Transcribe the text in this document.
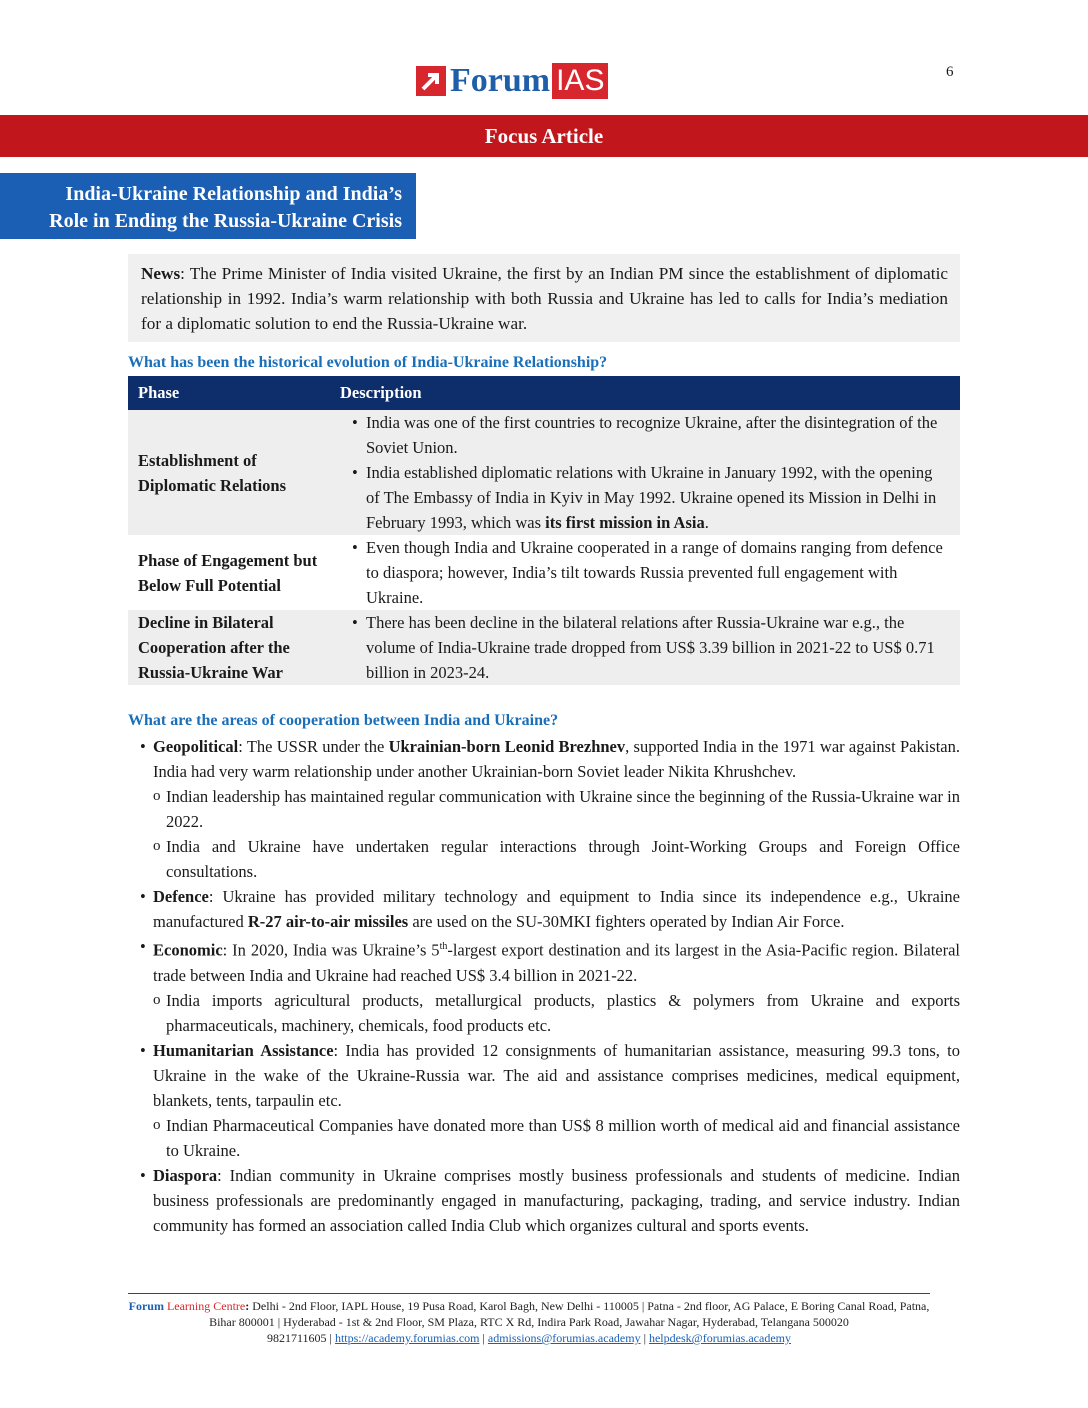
Forum IAS	6
Focus Article
India-Ukraine Relationship and India’s
Role in Ending the Russia-Ukraine Crisis
News: The Prime Minister of India visited Ukraine, the first by an Indian PM since the establishment of diplomatic relationship in 1992. India’s warm relationship with both Russia and Ukraine has led to calls for India’s mediation for a diplomatic solution to end the Russia-Ukraine war.
What has been the historical evolution of India-Ukraine Relationship?
Phase	Description
Establishment of Diplomatic Relations
• India was one of the first countries to recognize Ukraine, after the disintegration of the Soviet Union.
• India established diplomatic relations with Ukraine in January 1992, with the opening of The Embassy of India in Kyiv in May 1992. Ukraine opened its Mission in Delhi in February 1993, which was its first mission in Asia.
Phase of Engagement but Below Full Potential
• Even though India and Ukraine cooperated in a range of domains ranging from defence to diaspora; however, India’s tilt towards Russia prevented full engagement with Ukraine.
Decline in Bilateral Cooperation after the Russia-Ukraine War
• There has been decline in the bilateral relations after Russia-Ukraine war e.g., the volume of India-Ukraine trade dropped from US$ 3.39 billion in 2021-22 to US$ 0.71 billion in 2023-24.
What are the areas of cooperation between India and Ukraine?
• Geopolitical: The USSR under the Ukrainian-born Leonid Brezhnev, supported India in the 1971 war against Pakistan. India had very warm relationship under another Ukrainian-born Soviet leader Nikita Khrushchev.
o Indian leadership has maintained regular communication with Ukraine since the beginning of the Russia-Ukraine war in 2022.
o India and Ukraine have undertaken regular interactions through Joint-Working Groups and Foreign Office consultations.
• Defence: Ukraine has provided military technology and equipment to India since its independence e.g., Ukraine manufactured R-27 air-to-air missiles are used on the SU-30MKI fighters operated by Indian Air Force.
• Economic: In 2020, India was Ukraine’s 5th-largest export destination and its largest in the Asia-Pacific region. Bilateral trade between India and Ukraine had reached US$ 3.4 billion in 2021-22.
o India imports agricultural products, metallurgical products, plastics & polymers from Ukraine and exports pharmaceuticals, machinery, chemicals, food products etc.
• Humanitarian Assistance: India has provided 12 consignments of humanitarian assistance, measuring 99.3 tons, to Ukraine in the wake of the Ukraine-Russia war. The aid and assistance comprises medicines, medical equipment, blankets, tents, tarpaulin etc.
o Indian Pharmaceutical Companies have donated more than US$ 8 million worth of medical aid and financial assistance to Ukraine.
• Diaspora: Indian community in Ukraine comprises mostly business professionals and students of medicine. Indian business professionals are predominantly engaged in manufacturing, packaging, trading, and service industry. Indian community has formed an association called India Club which organizes cultural and sports events.
Forum Learning Centre: Delhi - 2nd Floor, IAPL House, 19 Pusa Road, Karol Bagh, New Delhi - 110005 | Patna - 2nd floor, AG Palace, E Boring Canal Road, Patna, Bihar 800001 | Hyderabad - 1st & 2nd Floor, SM Plaza, RTC X Rd, Indira Park Road, Jawahar Nagar, Hyderabad, Telangana 500020
9821711605 | https://academy.forumias.com | admissions@forumias.academy | helpdesk@forumias.academy
